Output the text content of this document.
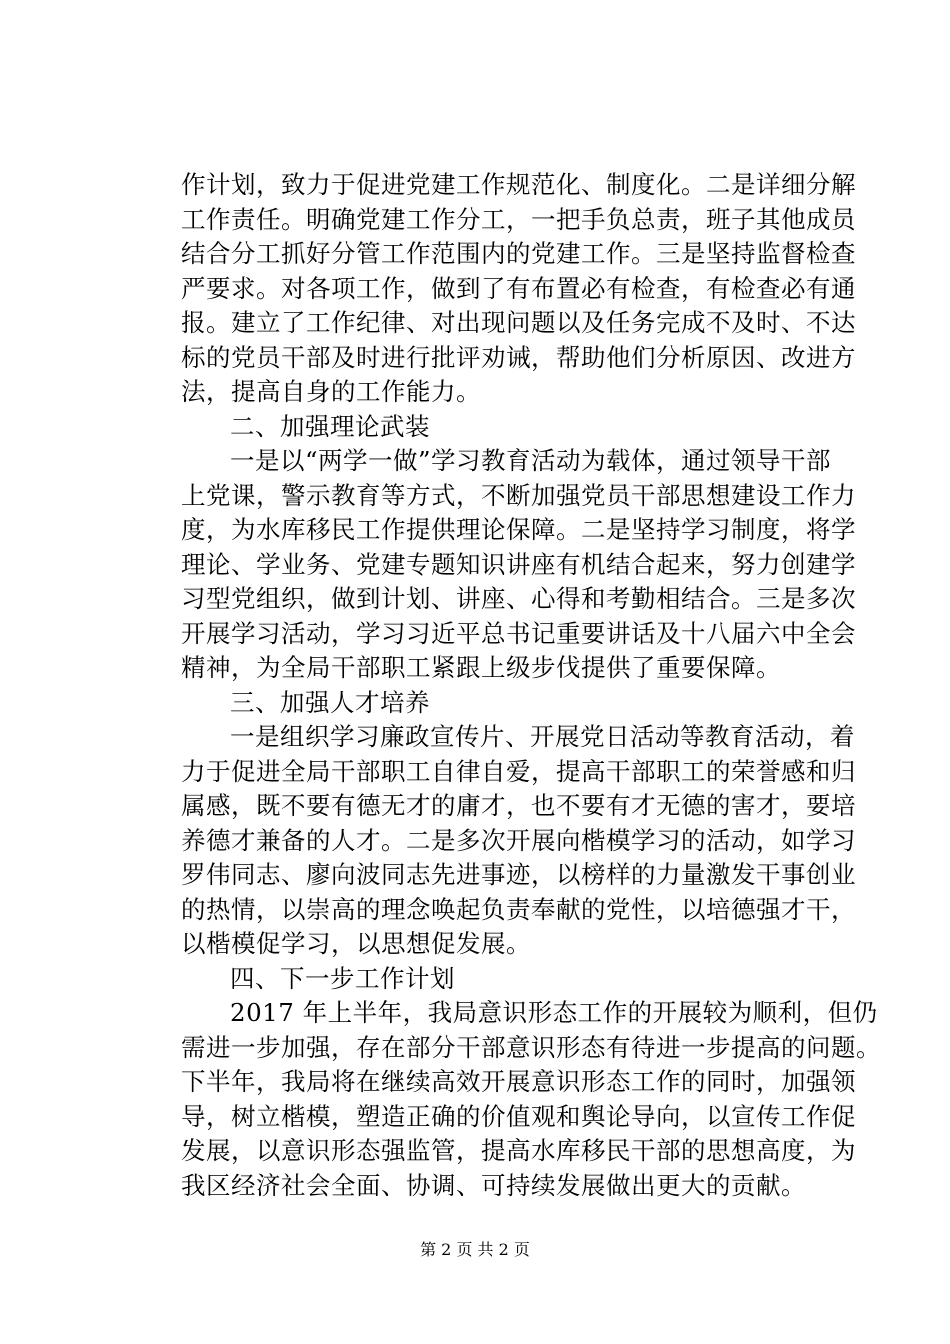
作计划，致力于促进党建工作规范化、制度化。二是详细分解
工作责任。明确党建工作分工，一把手负总责，班子其他成员
结合分工抓好分管工作范围内的党建工作。三是坚持监督检查
严要求。对各项工作，做到了有布置必有检查，有检查必有通
报。建立了工作纪律、对出现问题以及任务完成不及时、不达
标的党员干部及时进行批评劝诫，帮助他们分析原因、改进方
法，提高自身的工作能力。
二、加强理论武装
一是以“两学一做”学习教育活动为载体，通过领导干部
上党课，警示教育等方式，不断加强党员干部思想建设工作力
度，为水库移民工作提供理论保障。二是坚持学习制度，将学
理论、学业务、党建专题知识讲座有机结合起来，努力创建学
习型党组织，做到计划、讲座、心得和考勤相结合。三是多次
开展学习活动，学习习近平总书记重要讲话及十八届六中全会
精神，为全局干部职工紧跟上级步伐提供了重要保障。
三、加强人才培养
一是组织学习廉政宣传片、开展党日活动等教育活动，着
力于促进全局干部职工自律自爱，提高干部职工的荣誉感和归
属感，既不要有德无才的庸才，也不要有才无德的害才，要培
养德才兼备的人才。二是多次开展向楷模学习的活动，如学习
罗伟同志、廖向波同志先进事迹，以榜样的力量激发干事创业
的热情，以崇高的理念唤起负责奉献的党性，以培德强才干，
以楷模促学习，以思想促发展。
四、下一步工作计划
2017 年上半年，我局意识形态工作的开展较为顺利，但仍
需进一步加强，存在部分干部意识形态有待进一步提高的问题。
下半年，我局将在继续高效开展意识形态工作的同时，加强领
导，树立楷模，塑造正确的价值观和舆论导向，以宣传工作促
发展，以意识形态强监管，提高水库移民干部的思想高度，为
我区经济社会全面、协调、可持续发展做出更大的贡献。
第 2 页 共 2 页
